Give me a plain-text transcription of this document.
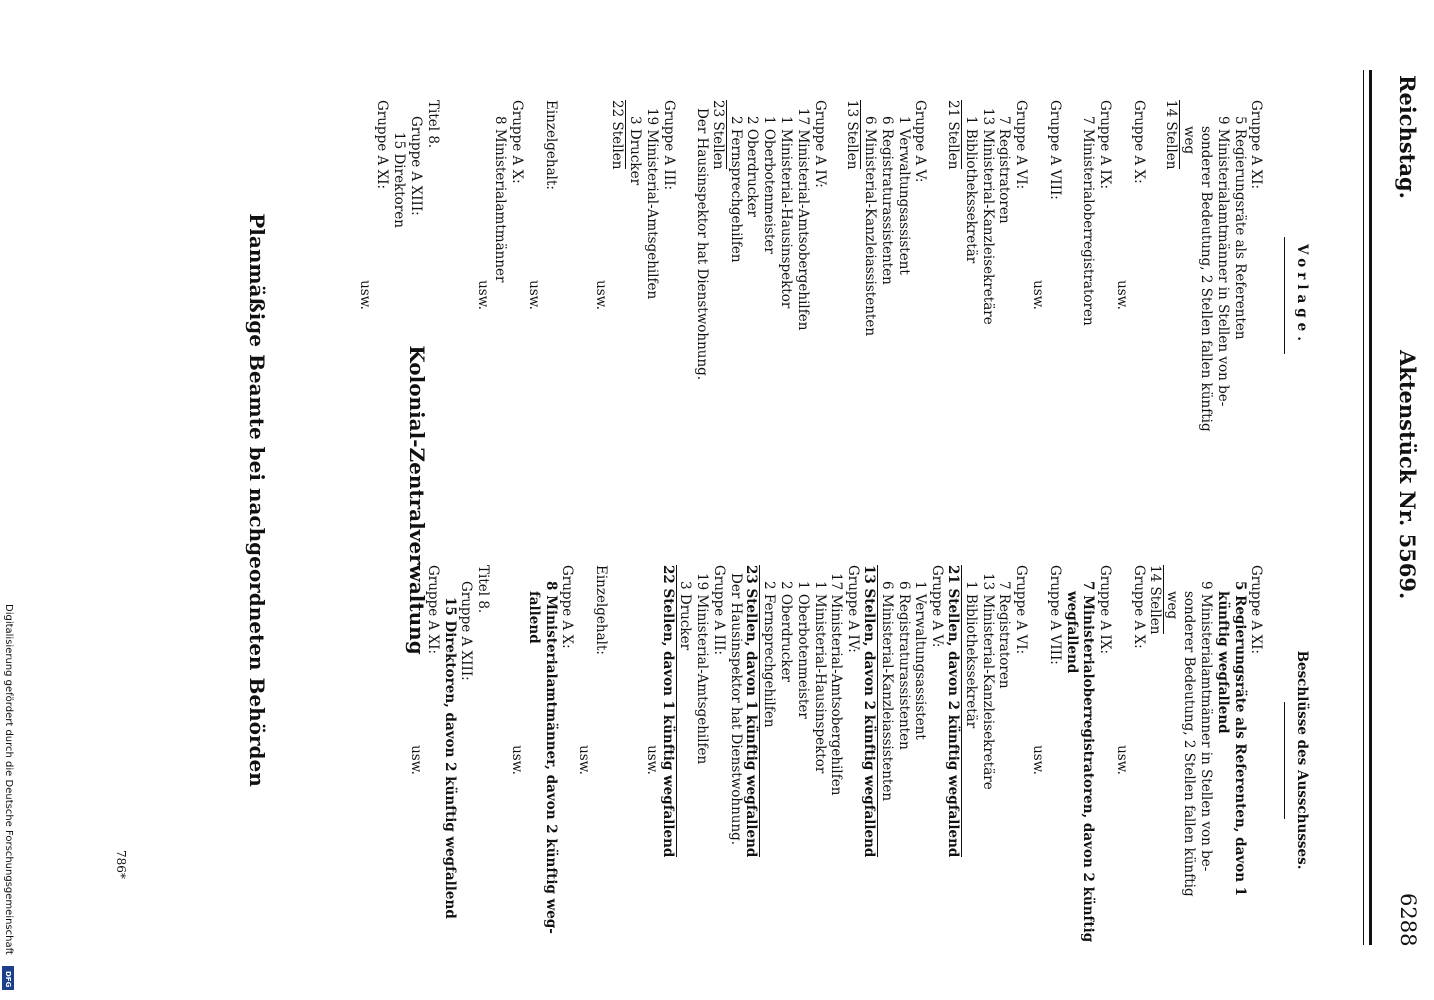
Reichstag.
Aktenstück Nr. 5569.
6288
Vorlage.
Gruppe A XI:
5 Regierungsräte als Referenten
9 Ministerialamtmänner in Stellen von be-
sonderer Bedeutung, 2 Stellen fallen künftig
weg
14 Stellen
Gruppe A X:
usw.
Gruppe A IX:
7 Ministerialoberregistratoren
Gruppe A VIII:
usw.
Gruppe A VI:
7 Registratoren
13 Ministerial-Kanzleisekretäre
1 Bibliothekssekretär
21 Stellen
Gruppe A V:
1 Verwaltungsassistent
6 Registraturassistenten
6 Ministerial-Kanzleiassistenten
13 Stellen
Gruppe A IV:
17 Ministerial-Amtsobergehilfen
1 Ministerial-Hausinspektor
1 Oberbotenmeister
2 Oberdrucker
2 Fernsprechgehilfen
23 Stellen
Der Hausinspektor hat Dienstwohnung.
Gruppe A III:
19 Ministerial-Amtsgehilfen
3 Drucker
22 Stellen
usw.
Einzelgehalt:
usw.
Gruppe A X:
8 Ministerialamtmänner
usw.
Titel 8.
Gruppe A XIII:
15 Direktoren
Gruppe A XI:
usw.
Beschlüsse des Ausschusses.
Gruppe A XI:
5 Regierungsräte als Referenten, davon 1
künftig wegfallend
9 Ministerialamtmänner in Stellen von be-
sonderer Bedeutung, 2 Stellen fallen künftig
weg
14 Stellen
Gruppe A X:
usw.
Gruppe A IX:
7 Ministerialoberregistratoren, davon 2 künftig
wegfallend
Gruppe A VIII:
usw.
Gruppe A VI:
7 Registratoren
13 Ministerial-Kanzleisekretäre
1 Bibliothekssekretär
21 Stellen, davon 2 künftig wegfallend
Gruppe A V:
1 Verwaltungsassistent
6 Registraturassistenten
6 Ministerial-Kanzleiassistenten
13 Stellen, davon 2 künftig wegfallend
Gruppe A IV:
17 Ministerial-Amtsobergehilfen
1 Ministerial-Hausinspektor
1 Oberbotenmeister
2 Oberdrucker
2 Fernsprechgehilfen
23 Stellen, davon 1 künftig wegfallend
Der Hausinspektor hat Dienstwohnung.
Gruppe A III:
19 Ministerial-Amtsgehilfen
3 Drucker
22 Stellen, davon 1 künftig wegfallend
usw.
Einzelgehalt:
usw.
Gruppe A X:
8 Ministerialamtmänner, davon 2 künftig weg-
fallend
usw.
Titel 8.
Gruppe A XIII:
15 Direktoren, davon 2 künftig wegfallend
Gruppe A XI:
usw.
Kolonial-Zentralverwaltung
Planmäßige Beamte bei nachgeordneten Behörden
786*
Digitalisierung gefördert durch die Deutsche Forschungsgemeinschaft
DFG
